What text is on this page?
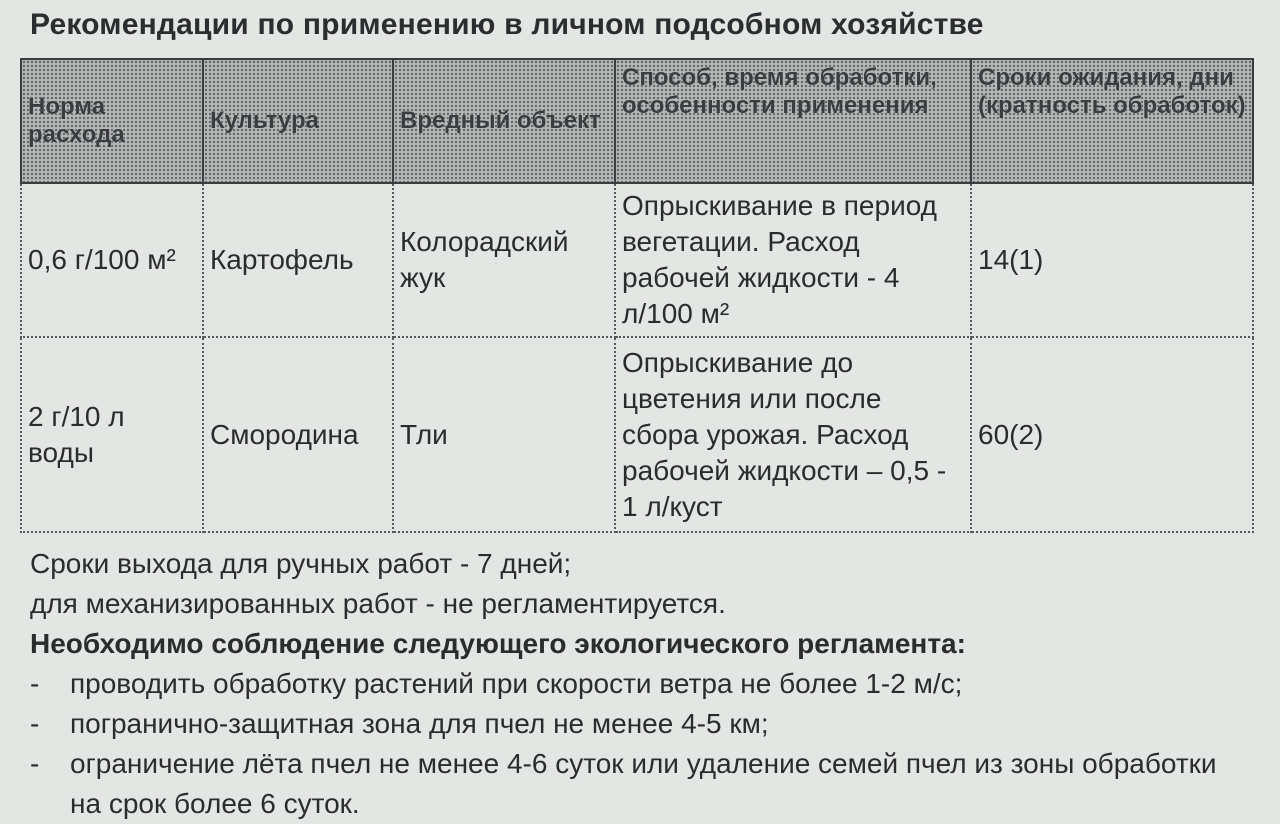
Рекомендации по применению в личном подсобном хозяйстве
Норма расхода	Культура	Вредный объект	Способ, время обработки, особенности применения	Сроки ожидания, дни (кратность обработок)
0,6 г/100 м²	Картофель	Колорадский жук	Опрыскивание в период вегетации. Расход рабочей жидкости - 4 л/100 м²	14(1)
2 г/10 л воды	Смородина	Тли	Опрыскивание до цветения или после сбора урожая. Расход рабочей жидкости – 0,5 - 1 л/куст	60(2)
Сроки выхода для ручных работ - 7 дней;
для механизированных работ - не регламентируется.
Необходимо соблюдение следующего экологического регламента:
-	проводить обработку растений при скорости ветра не более 1-2 м/с;
-	погранично-защитная зона для пчел не менее 4-5 км;
-	ограничение лёта пчел не менее 4-6 суток или удаление семей пчел из зоны обработки на срок более 6 суток.
